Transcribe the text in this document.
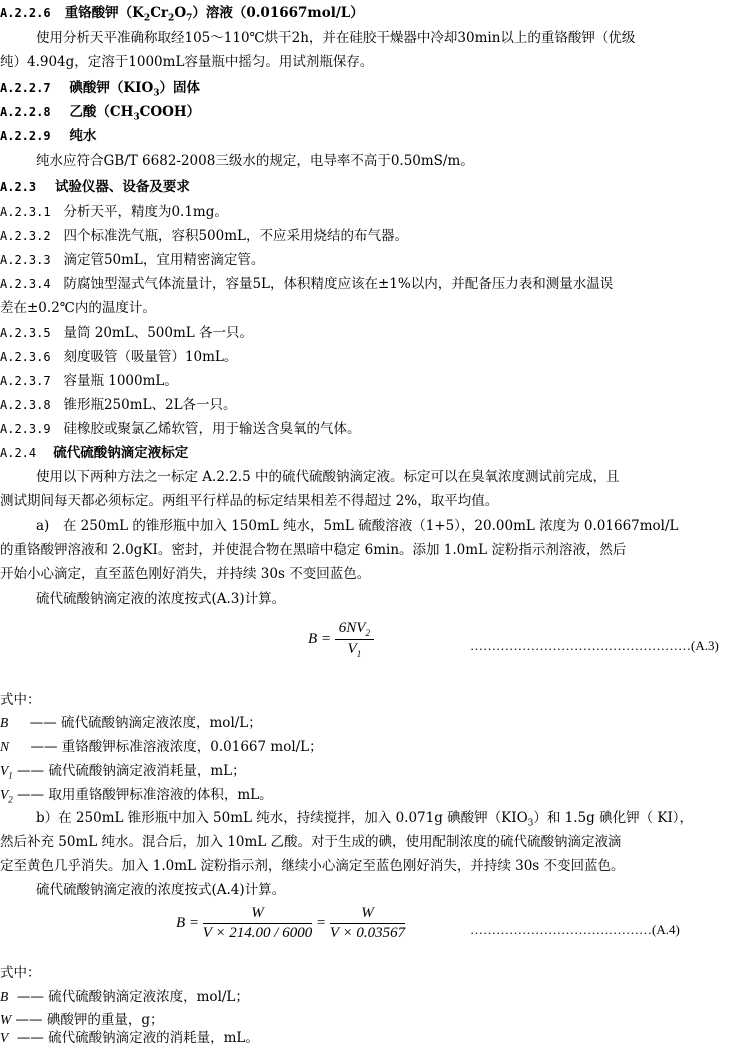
A.2.2.6 重铬酸钾$(K_2Cr_2O_7)$溶液（0.01667mol/L）
使用分析天平准确称取经105～110℃烘干2h，并在硅胶干燥器中冷却30min以上的重铬酸钾（优级
纯）4.904g，定溶于1000mL容量瓶中摇匀。用试剂瓶保存。
A.2.2.7 碘酸钾$(KIO_3)$固体
A.2.2.8 乙酸$(CH_3COOH)$
A.2.2.9 纯水
纯水应符合GB/T 6682-2008三级水的规定，电导率不高于0.50mS/m。
A.2.3 试验仪器、设备及要求
A.2.3.1 分析天平，精度为0.1mg。
A.2.3.2 四个标准洗气瓶，容积500mL，不应采用烧结的布气器。
A.2.3.3 滴定管50mL，宜用精密滴定管。
A.2.3.4 防腐蚀型湿式气体流量计，容量5L，体积精度应该在±1%以内，并配备压力表和测量水温误
差在±0.2℃内的温度计。
A.2.3.5 量筒 20mL、500mL 各一只。
A.2.3.6 刻度吸管（吸量管）10mL。
A.2.3.7 容量瓶 1000mL。
A.2.3.8 锥形瓶250mL、2L各一只。
A.2.3.9 硅橡胶或聚氯乙烯软管，用于输送含臭氧的气体。
A.2.4 硫代硫酸钠滴定液标定
使用以下两种方法之一标定 A.2.2.5 中的硫代硫酸钠滴定液。标定可以在臭氧浓度测试前完成，且
测试期间每天都必须标定。两组平行样品的标定结果相差不得超过 2%，取平均值。
a)　在 250mL 的锥形瓶中加入 150mL 纯水，5mL 硫酸溶液（1+5），20.00mL 浓度为 0.01667mol/L
的重铬酸钾溶液和 2.0gKI。密封，并使混合物在黑暗中稳定 6min。添加 1.0mL 淀粉指示剂溶液，然后
开始小心滴定，直至蓝色刚好消失，并持续 30s 不变回蓝色。
硫代硫酸钠滴定液的浓度按式(A.3)计算。
$B = \frac{6NV_2}{V_1}$	……………………………………………(A.3)
式中：
B —— 硫代硫酸钠滴定液浓度，mol/L；
N —— 重铬酸钾标准溶液浓度，0.01667 mol/L；
$V_1$ —— 硫代硫酸钠滴定液消耗量，mL；
$V_2$ —— 取用重铬酸钾标准溶液的体积，mL。
b）在 250mL 锥形瓶中加入 50mL 纯水，持续搅拌，加入 0.071g 碘酸钾$(KIO_3)$和 1.5g 碘化钾（ KI），
然后补充 50mL 纯水。混合后，加入 10mL 乙酸。对于生成的碘，使用配制浓度的硫代硫酸钠滴定液滴
定至黄色几乎消失。加入 1.0mL 淀粉指示剂，继续小心滴定至蓝色刚好消失，并持续 30s 不变回蓝色。
硫代硫酸钠滴定液的浓度按式(A.4)计算。
$B = \frac{W}{V \times 214.00 / 6000} = \frac{W}{V \times 0.03567}$	……………………………………(A.4)
式中：
B —— 硫代硫酸钠滴定液浓度，mol/L；
W —— 碘酸钾的重量，g；
V —— 硫代硫酸钠滴定液的消耗量，mL。
